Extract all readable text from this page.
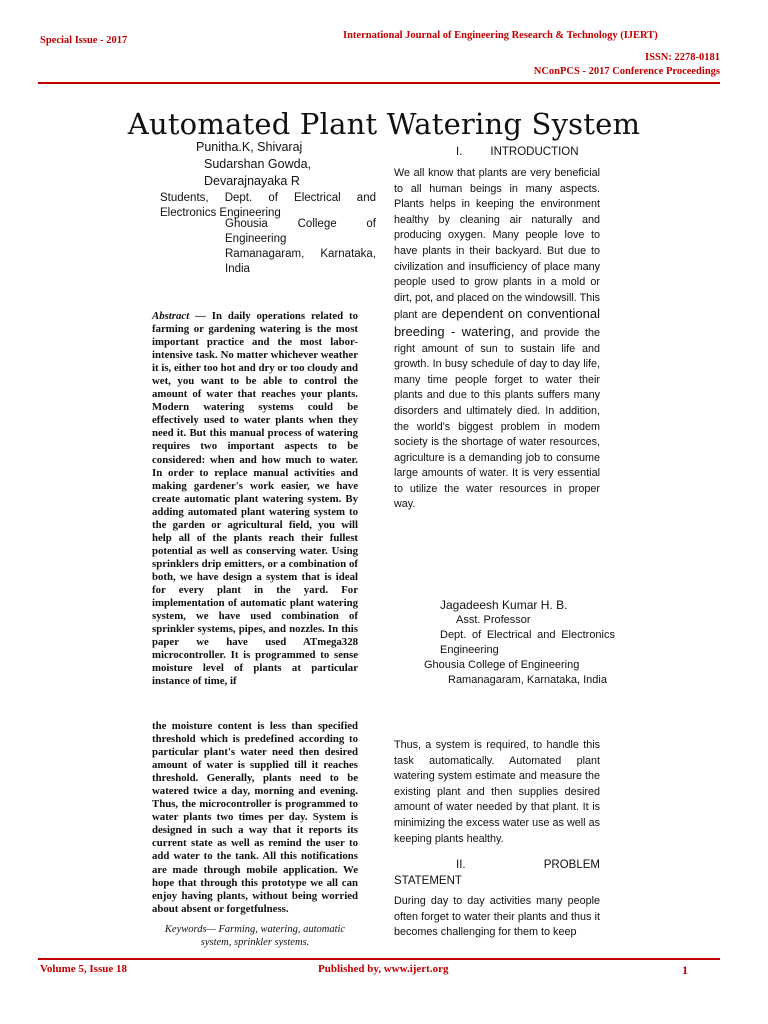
Special Issue - 2017	International Journal of Engineering Research & Technology (IJERT)
ISSN: 2278-0181
NConPCS - 2017 Conference Proceedings
Automated Plant Watering System
Punitha.K, Shivaraj
Sudarshan Gowda,
Devarajnayaka R
Students, Dept. of Electrical and Electronics Engineering
Ghousia College of Engineering
Ramanagaram, Karnataka, India
Abstract — In daily operations related to farming or gardening watering is the most important practice and the most labor- intensive task. No matter whichever weather it is, either too hot and dry or too cloudy and wet, you want to be able to control the amount of water that reaches your plants. Modern watering systems could be effectively used to water plants when they need it. But this manual process of watering requires two important aspects to be considered: when and how much to water. In order to replace manual activities and making gardener's work easier, we have create automatic plant watering system. By adding automated plant watering system to the garden or agricultural field, you will help all of the plants reach their fullest potential as well as conserving water. Using sprinklers drip emitters, or a combination of both, we have design a system that is ideal for every plant in the yard. For implementation of automatic plant watering system, we have used combination of sprinkler systems, pipes, and nozzles. In this paper we have used ATmega328 microcontroller. It is programmed to sense moisture level of plants at particular instance of time, if
the moisture content is less than specified threshold which is predefined according to particular plant's water need then desired amount of water is supplied till it reaches threshold. Generally, plants need to be watered twice a day, morning and evening. Thus, the microcontroller is programmed to water plants two times per day. System is designed in such a way that it reports its current state as well as remind the user to add water to the tank. All this notifications are made through mobile application. We hope that through this prototype we all can enjoy having plants, without being worried about absent or forgetfulness.
Keywords— Farming, watering, automatic system, sprinkler systems.
I. INTRODUCTION
We all know that plants are very beneficial to all human beings in many aspects. Plants helps in keeping the environment healthy by cleaning air naturally and producing oxygen. Many people love to have plants in their backyard. But due to civilization and insufficiency of place many people used to grow plants in a mold or dirt, pot, and placed on the windowsill. This plant are dependent on conventional breeding - watering, and provide the right amount of sun to sustain life and growth. In busy schedule of day to day life, many time people forget to water their plants and due to this plants suffers many disorders and ultimately died. In addition, the world's biggest problem in modem society is the shortage of water resources, agriculture is a demanding job to consume large amounts of water. It is very essential to utilize the water resources in proper way.
Jagadeesh Kumar H. B.
Asst. Professor
Dept. of Electrical and Electronics Engineering
Ghousia College of Engineering
Ramanagaram, Karnataka, India
Thus, a system is required, to handle this task automatically. Automated plant watering system estimate and measure the existing plant and then supplies desired amount of water needed by that plant. It is minimizing the excess water use as well as keeping plants healthy.
II.	PROBLEM
STATEMENT
During day to day activities many people often forget to water their plants and thus it becomes challenging for them to keep
Volume 5, Issue 18	Published by, www.ijert.org	1
